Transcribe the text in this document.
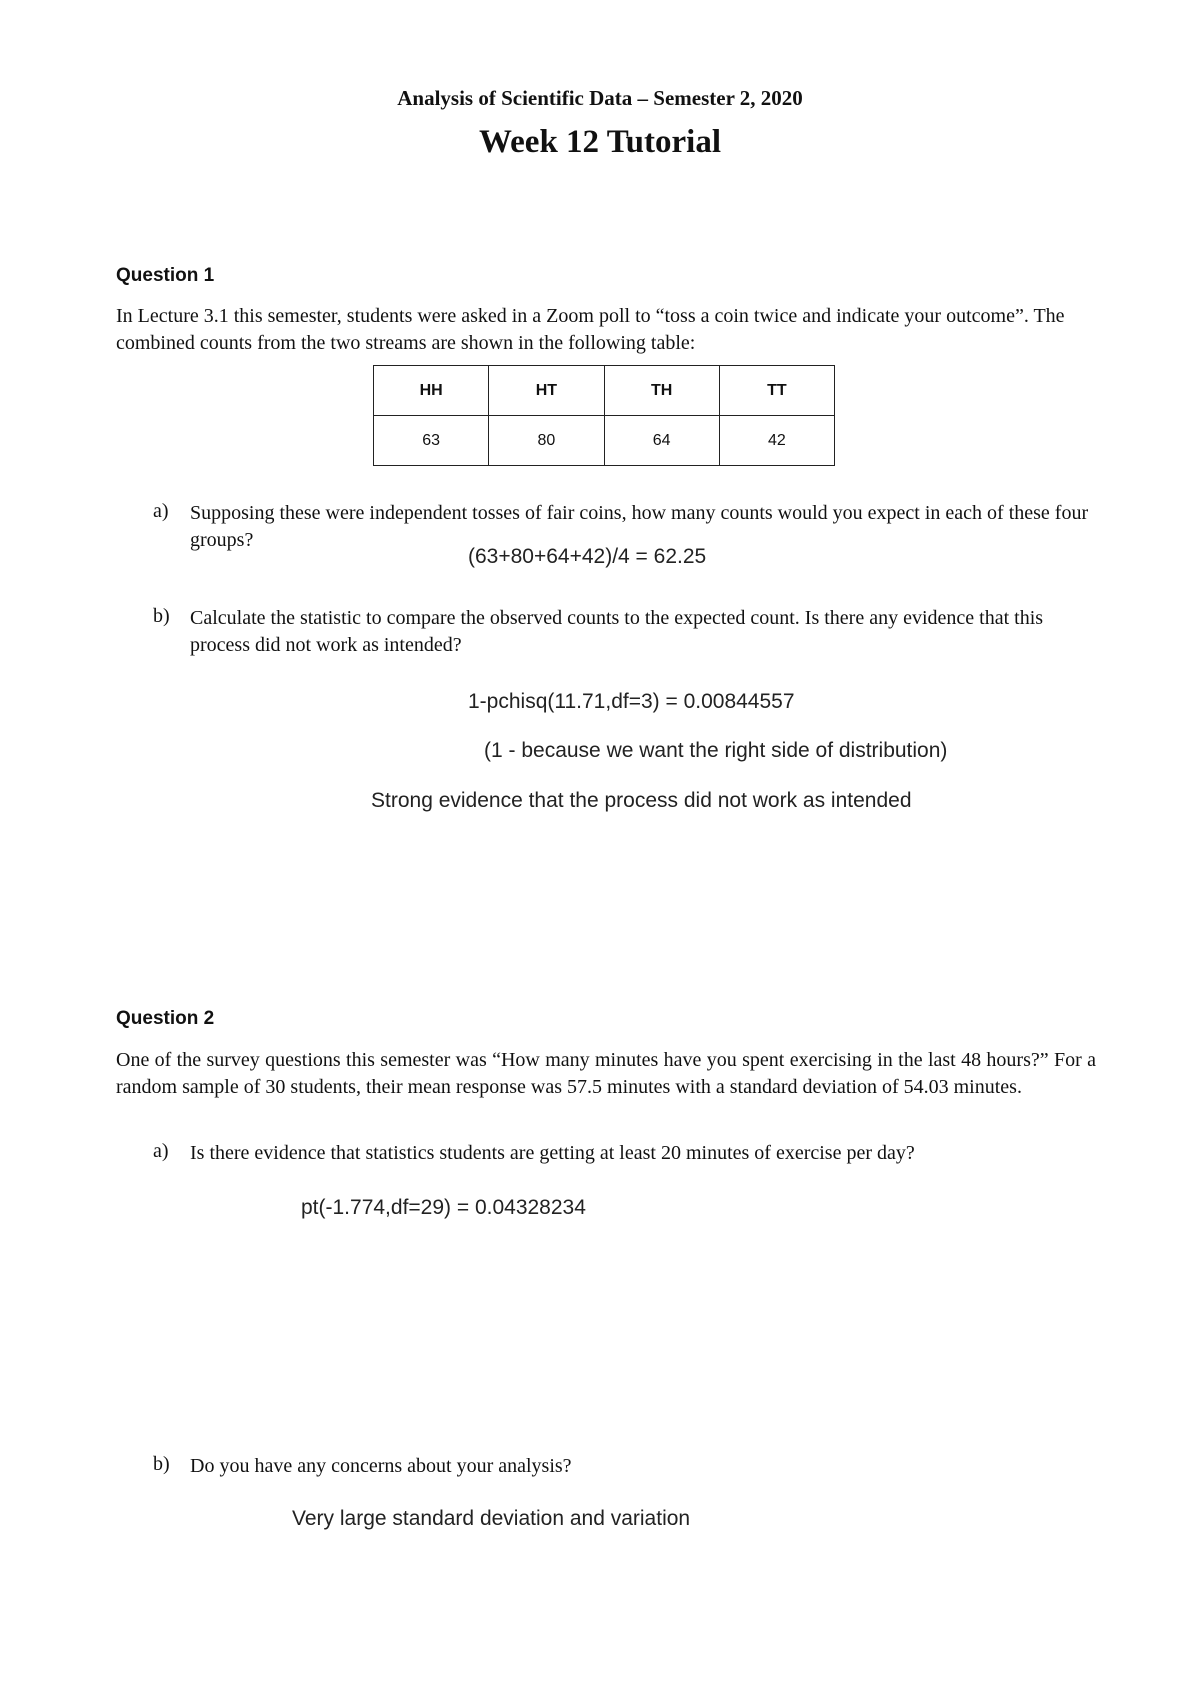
Analysis of Scientific Data – Semester 2, 2020
Week 12 Tutorial
Question 1
In Lecture 3.1 this semester, students were asked in a Zoom poll to “toss a coin twice and indicate your outcome”. The combined counts from the two streams are shown in the following table:
HH	HT	TH	TT
63	80	64	42
a) Supposing these were independent tosses of fair coins, how many counts would you expect in each of these four groups?
(63+80+64+42)/4 = 62.25
b) Calculate the statistic to compare the observed counts to the expected count. Is there any evidence that this process did not work as intended?
1-pchisq(11.71,df=3) = 0.00844557
(1 - because we want the right side of distribution)
Strong evidence that the process did not work as intended
Question 2
One of the survey questions this semester was “How many minutes have you spent exercising in the last 48 hours?” For a random sample of 30 students, their mean response was 57.5 minutes with a standard deviation of 54.03 minutes.
a) Is there evidence that statistics students are getting at least 20 minutes of exercise per day?
pt(-1.774,df=29) = 0.04328234
b) Do you have any concerns about your analysis?
Very large standard deviation and variation
